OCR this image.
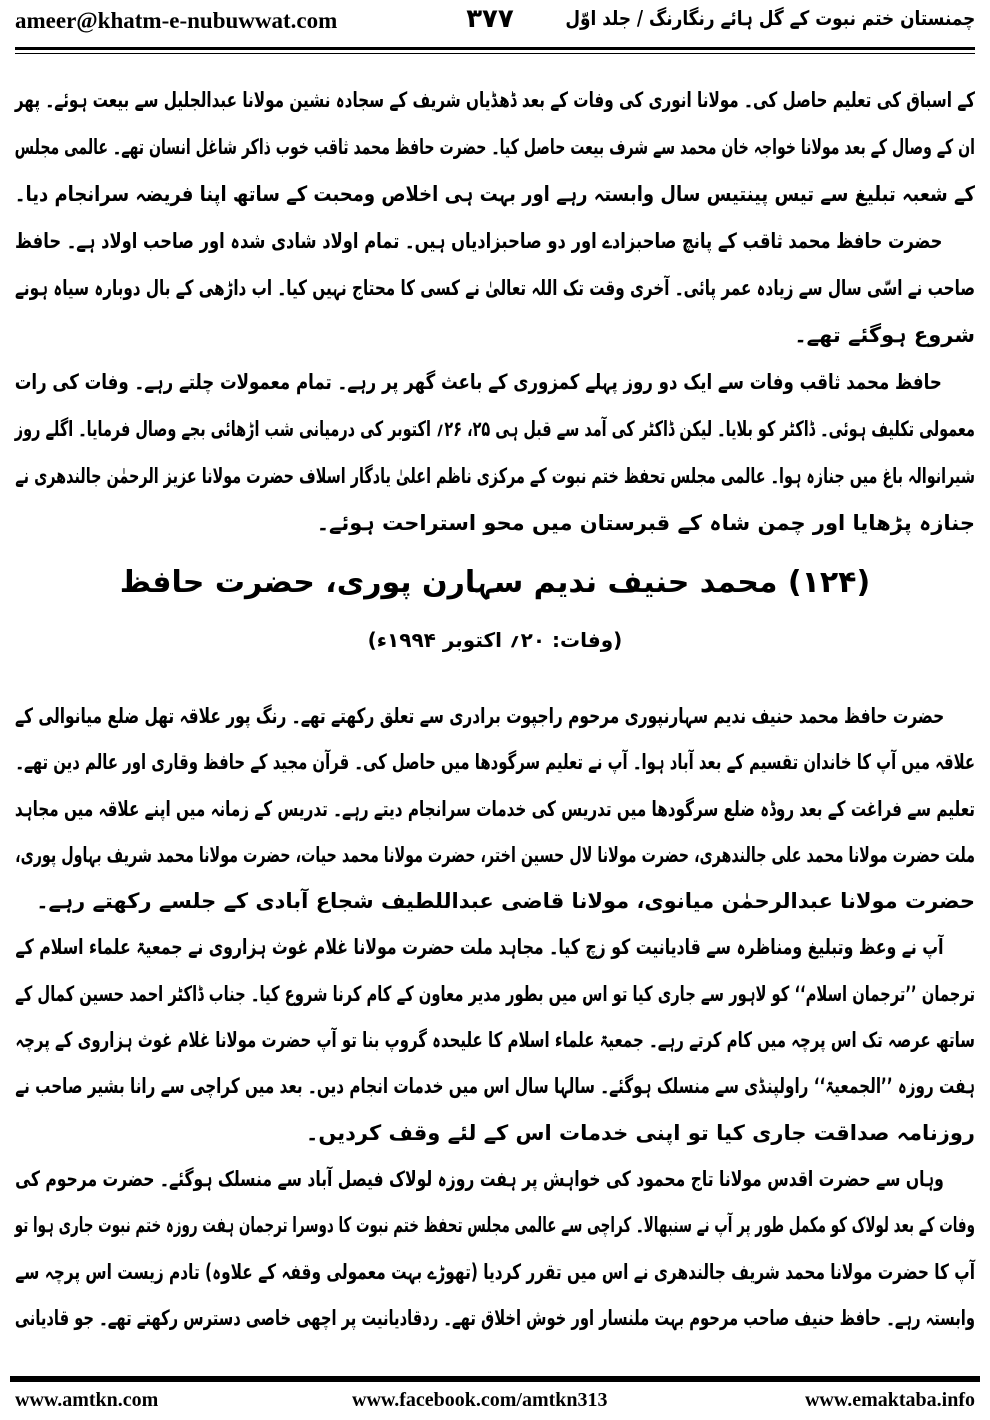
ameer@khatm-e-nubuwwat.com	۳۷۷	چمنستان ختم نبوت کے گل ہائے رنگارنگ / جلد اوّل
کے اسباق کی تعلیم حاصل کی۔ مولانا انوری کی وفات کے بعد ڈھڈیاں شریف کے سجادہ نشین مولانا عبدالجلیل سے بیعت ہوئے۔ پھر
ان کے وصال کے بعد مولانا خواجہ خان محمد سے شرف بیعت حاصل کیا۔ حضرت حافظ محمد ثاقب خوب ذاکر شاغل انسان تھے۔ عالمی مجلس
کے شعبہ تبلیغ سے تیس پینتیس سال وابستہ رہے اور بہت ہی اخلاص ومحبت کے ساتھ اپنا فریضہ سرانجام دیا۔
حضرت حافظ محمد ثاقب کے پانچ صاحبزادے اور دو صاحبزادیاں ہیں۔ تمام اولاد شادی شدہ اور صاحب اولاد ہے۔ حافظ
صاحب نے اسّی سال سے زیادہ عمر پائی۔ آخری وقت تک اللہ تعالیٰ نے کسی کا محتاج نہیں کیا۔ اب داڑھی کے بال دوبارہ سیاہ ہونے
شروع ہوگئے تھے۔
حافظ محمد ثاقب وفات سے ایک دو روز پہلے کمزوری کے باعث گھر پر رہے۔ تمام معمولات چلتے رہے۔ وفات کی رات
معمولی تکلیف ہوئی۔ ڈاکٹر کو بلایا۔ لیکن ڈاکٹر کی آمد سے قبل ہی ۲۵، ۲۶؍ اکتوبر کی درمیانی شب اڑھائی بجے وصال فرمایا۔ اگلے روز
شیرانوالہ باغ میں جنازہ ہوا۔ عالمی مجلس تحفظ ختم نبوت کے مرکزی ناظم اعلیٰ یادگار اسلاف حضرت مولانا عزیز الرحمٰن جالندھری نے
جنازہ پڑھایا اور چمن شاہ کے قبرستان میں محو استراحت ہوئے۔
(۱۲۴) محمد حنیف ندیم سہارن پوری، حضرت حافظ
(وفات: ۲۰؍ اکتوبر ۱۹۹۴ء)
حضرت حافظ محمد حنیف ندیم سہارنپوری مرحوم راجپوت برادری سے تعلق رکھتے تھے۔ رنگ پور علاقہ تھل ضلع میانوالی کے
علاقہ میں آپ کا خاندان تقسیم کے بعد آباد ہوا۔ آپ نے تعلیم سرگودھا میں حاصل کی۔ قرآن مجید کے حافظ وقاری اور عالم دین تھے۔
تعلیم سے فراغت کے بعد روڈہ ضلع سرگودھا میں تدریس کی خدمات سرانجام دیتے رہے۔ تدریس کے زمانہ میں اپنے علاقہ میں مجاہد
ملت حضرت مولانا محمد علی جالندھری، حضرت مولانا لال حسین اختر، حضرت مولانا محمد حیات، حضرت مولانا محمد شریف بہاول پوری،
حضرت مولانا عبدالرحمٰن میانوی، مولانا قاضی عبداللطیف شجاع آبادی کے جلسے رکھتے رہے۔
آپ نے وعظ وتبلیغ ومناظرہ سے قادیانیت کو زچ کیا۔ مجاہد ملت حضرت مولانا غلام غوث ہزاروی نے جمعیۃ علماء اسلام کے
ترجمان ’’ترجمان اسلام‘‘ کو لاہور سے جاری کیا تو اس میں بطور مدیر معاون کے کام کرنا شروع کیا۔ جناب ڈاکٹر احمد حسین کمال کے
ساتھ عرصہ تک اس پرچہ میں کام کرتے رہے۔ جمعیۃ علماء اسلام کا علیحدہ گروپ بنا تو آپ حضرت مولانا غلام غوث ہزاروی کے پرچہ
ہفت روزہ ’’الجمعیۃ‘‘ راولپنڈی سے منسلک ہوگئے۔ سالہا سال اس میں خدمات انجام دیں۔ بعد میں کراچی سے رانا بشیر صاحب نے
روزنامہ صداقت جاری کیا تو اپنی خدمات اس کے لئے وقف کردیں۔
وہاں سے حضرت اقدس مولانا تاج محمود کی خواہش پر ہفت روزہ لولاک فیصل آباد سے منسلک ہوگئے۔ حضرت مرحوم کی
وفات کے بعد لولاک کو مکمل طور پر آپ نے سنبھالا۔ کراچی سے عالمی مجلس تحفظ ختم نبوت کا دوسرا ترجمان ہفت روزہ ختم نبوت جاری ہوا تو
آپ کا حضرت مولانا محمد شریف جالندھری نے اس میں تقرر کردیا (تھوڑے بہت معمولی وقفہ کے علاوہ) تادم زیست اس پرچہ سے
وابستہ رہے۔ حافظ حنیف صاحب مرحوم بہت ملنسار اور خوش اخلاق تھے۔ ردقادیانیت پر اچھی خاصی دسترس رکھتے تھے۔ جو قادیانی
www.amtkn.com	www.facebook.com/amtkn313	www.emaktaba.info
